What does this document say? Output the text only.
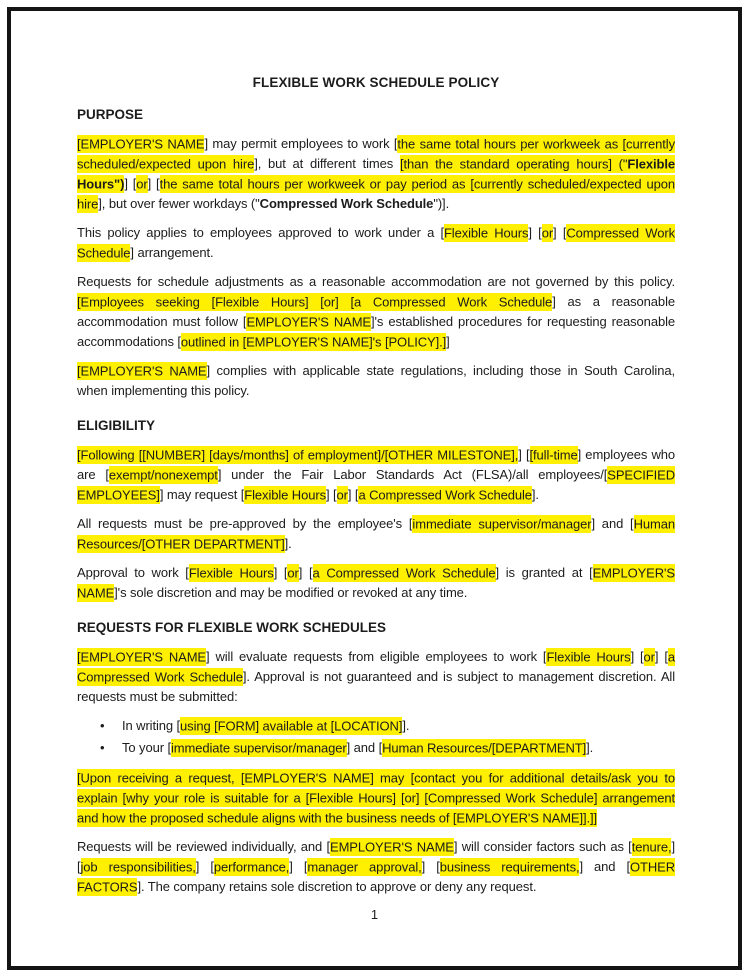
FLEXIBLE WORK SCHEDULE POLICY
PURPOSE

[EMPLOYER'S NAME] may permit employees to work [the same total hours per workweek as [currently scheduled/expected upon hire], but at different times [than the standard operating hours] ("Flexible Hours")] [or] [the same total hours per workweek or pay period as [currently scheduled/expected upon hire], but over fewer workdays ("Compressed Work Schedule")].

This policy applies to employees approved to work under a [Flexible Hours] [or] [Compressed Work Schedule] arrangement.

Requests for schedule adjustments as a reasonable accommodation are not governed by this policy. [Employees seeking [Flexible Hours] [or] [a Compressed Work Schedule] as a reasonable accommodation must follow [EMPLOYER'S NAME]'s established procedures for requesting reasonable accommodations [outlined in [EMPLOYER'S NAME]'s [POLICY].]]

[EMPLOYER'S NAME] complies with applicable state regulations, including those in South Carolina, when implementing this policy.

ELIGIBILITY

[Following [[NUMBER] [days/months] of employment]/[OTHER MILESTONE],] [[full-time] employees who are [exempt/nonexempt] under the Fair Labor Standards Act (FLSA)/all employees/[SPECIFIED EMPLOYEES]] may request [Flexible Hours] [or] [a Compressed Work Schedule].

All requests must be pre-approved by the employee's [immediate supervisor/manager] and [Human Resources/[OTHER DEPARTMENT]].

Approval to work [Flexible Hours] [or] [a Compressed Work Schedule] is granted at [EMPLOYER'S NAME]'s sole discretion and may be modified or revoked at any time.

REQUESTS FOR FLEXIBLE WORK SCHEDULES

[EMPLOYER'S NAME] will evaluate requests from eligible employees to work [Flexible Hours] [or] [a Compressed Work Schedule]. Approval is not guaranteed and is subject to management discretion. All requests must be submitted:

• In writing [using [FORM] available at [LOCATION]].
• To your [immediate supervisor/manager] and [Human Resources/[DEPARTMENT]].

[Upon receiving a request, [EMPLOYER'S NAME] may [contact you for additional details/ask you to explain [why your role is suitable for a [Flexible Hours] [or] [Compressed Work Schedule] arrangement and how the proposed schedule aligns with the business needs of [EMPLOYER'S NAME]].]]

Requests will be reviewed individually, and [EMPLOYER'S NAME] will consider factors such as [tenure,] [job responsibilities,] [performance,] [manager approval,] [business requirements,] and [OTHER FACTORS]. The company retains sole discretion to approve or deny any request.

1
